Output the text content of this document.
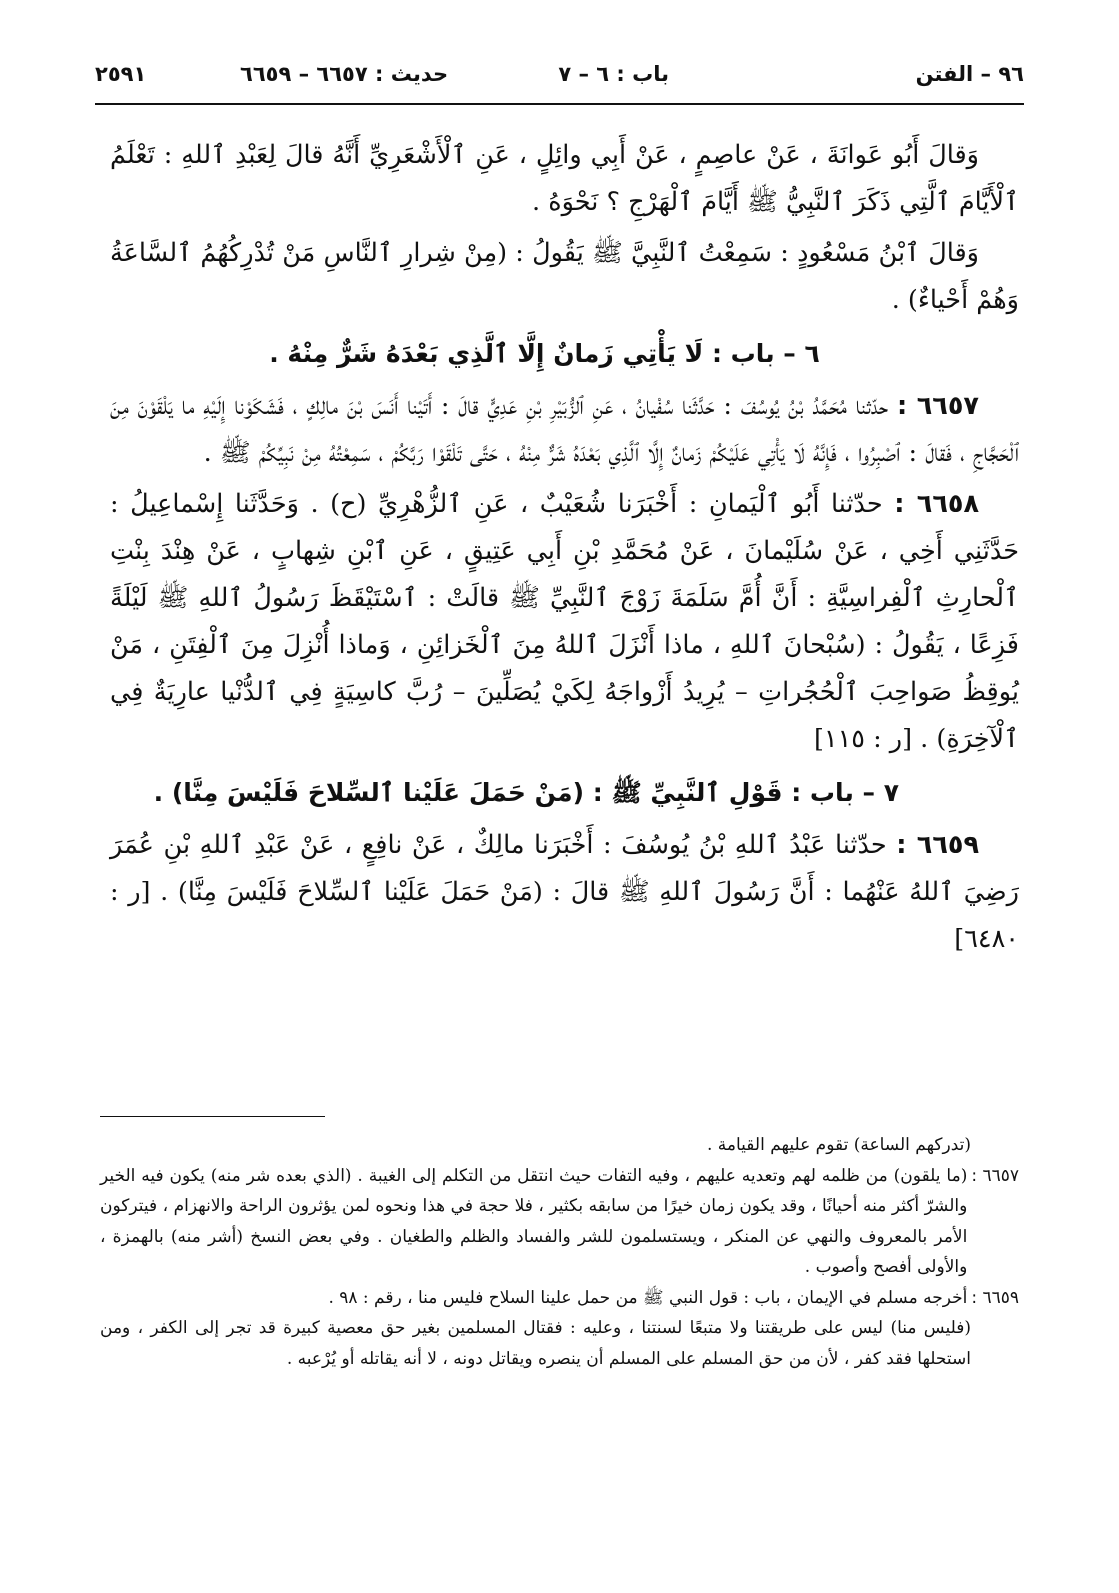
٩٦ – الفتن
باب : ٦ – ٧
حديث : ٦٦٥٧ – ٦٦٥٩
٢٥٩١

وَقالَ أَبُو عَوانَةَ ، عَنْ عاصِمٍ ، عَنْ أَبِي وائِلٍ ، عَنِ ٱلْأَشْعَرِيِّ أَنَّهُ قالَ لِعَبْدِ ٱللهِ : تَعْلَمُ ٱلْأَيَّامَ ٱلَّتِي ذَكَرَ ٱلنَّبِيُّ ﷺ أَيَّامَ ٱلْهَرْجِ ؟ نَحْوَهُ .

وَقالَ ٱبْنُ مَسْعُودٍ : سَمِعْتُ ٱلنَّبِيَّ ﷺ يَقُولُ : (مِنْ شِرارِ ٱلنَّاسِ مَنْ تُدْرِكُهُمُ ٱلسَّاعَةُ وَهُمْ أَحْياءٌ) .

٦ – باب : لَا يَأْتِي زَمانٌ إِلَّا ٱلَّذِي بَعْدَهُ شَرٌّ مِنْهُ .

٦٦٥٧ : حدّثنا مُحَمَّدُ بْنُ يُوسُفَ : حَدَّثَنا سُفْيانُ ، عَنِ ٱلزُّبَيْرِ بْنِ عَدِيٍّ قالَ : أَتَيْنا أَنَسَ بْنَ مالِكٍ ، فَشَكَوْنا إِلَيْهِ ما يَلْقَوْنَ مِنَ ٱلْحَجَّاجِ ، فَقالَ : ٱصْبِرُوا ، فَإِنَّهُ لَا يَأْتِي عَلَيْكُمْ زَمانٌ إِلَّا ٱلَّذِي بَعْدَهُ شَرٌّ مِنْهُ ، حَتَّى تَلْقَوْا رَبَّكُمْ ، سَمِعْتُهُ مِنْ نَبِيِّكُمْ ﷺ .

٦٦٥٨ : حدّثنا أَبُو ٱلْيَمانِ : أَخْبَرَنا شُعَيْبٌ ، عَنِ ٱلزُّهْرِيِّ (ح) . وَحَدَّثَنا إِسْماعِيلُ : حَدَّثَنِي أَخِي ، عَنْ سُلَيْمانَ ، عَنْ مُحَمَّدِ بْنِ أَبِي عَتِيقٍ ، عَنِ ٱبْنِ شِهابٍ ، عَنْ هِنْدَ بِنْتِ ٱلْحارِثِ ٱلْفِراسِيَّةِ : أَنَّ أُمَّ سَلَمَةَ زَوْجَ ٱلنَّبِيِّ ﷺ قالَتْ : ٱسْتَيْقَظَ رَسُولُ ٱللهِ ﷺ لَيْلَةً فَزِعًا ، يَقُولُ : (سُبْحانَ ٱللهِ ، ماذا أَنْزَلَ ٱللهُ مِنَ ٱلْخَزائِنِ ، وَماذا أُنْزِلَ مِنَ ٱلْفِتَنِ ، مَنْ يُوقِظُ صَواحِبَ ٱلْحُجُراتِ – يُرِيدُ أَزْواجَهُ لِكَيْ يُصَلِّينَ – رُبَّ كاسِيَةٍ فِي ٱلدُّنْيا عارِيَةٌ فِي ٱلْآخِرَةِ) . [ر : ١١٥]

٧ – باب : قَوْلِ ٱلنَّبِيِّ ﷺ : (مَنْ حَمَلَ عَلَيْنا ٱلسِّلاحَ فَلَيْسَ مِنَّا) .

٦٦٥٩ : حدّثنا عَبْدُ ٱللهِ بْنُ يُوسُفَ : أَخْبَرَنا مالِكٌ ، عَنْ نافِعٍ ، عَنْ عَبْدِ ٱللهِ بْنِ عُمَرَ رَضِيَ ٱللهُ عَنْهُما : أَنَّ رَسُولَ ٱللهِ ﷺ قالَ : (مَنْ حَمَلَ عَلَيْنا ٱلسِّلاحَ فَلَيْسَ مِنَّا) . [ر : ٦٤٨٠]

(تدركهم الساعة) تقوم عليهم القيامة .

٦٦٥٧ :

(ما يلقون) من ظلمه لهم وتعديه عليهم ، وفيه التفات حيث انتقل من التكلم إلى الغيبة . (الذي بعده شر منه) يكون فيه الخير والشرّ أكثر منه أحيانًا ، وقد يكون زمان خيرًا من سابقه بكثير ، فلا حجة في هذا ونحوه لمن يؤثرون الراحة والانهزام ، فيتركون الأمر بالمعروف والنهي عن المنكر ، ويستسلمون للشر والفساد والظلم والطغيان . وفي بعض النسخ (أشر منه) بالهمزة ، والأولى أفصح وأصوب .

٦٦٥٩ :

أخرجه مسلم في الإيمان ، باب : قول النبي ﷺ من حمل علينا السلاح فليس منا ، رقم : ٩٨ .

(فليس منا) ليس على طريقتنا ولا متبعًا لسنتنا ، وعليه : فقتال المسلمين بغير حق معصية كبيرة قد تجر إلى الكفر ، ومن استحلها فقد كفر ، لأن من حق المسلم على المسلم أن ينصره ويقاتل دونه ، لا أنه يقاتله أو يُرْعبه .
